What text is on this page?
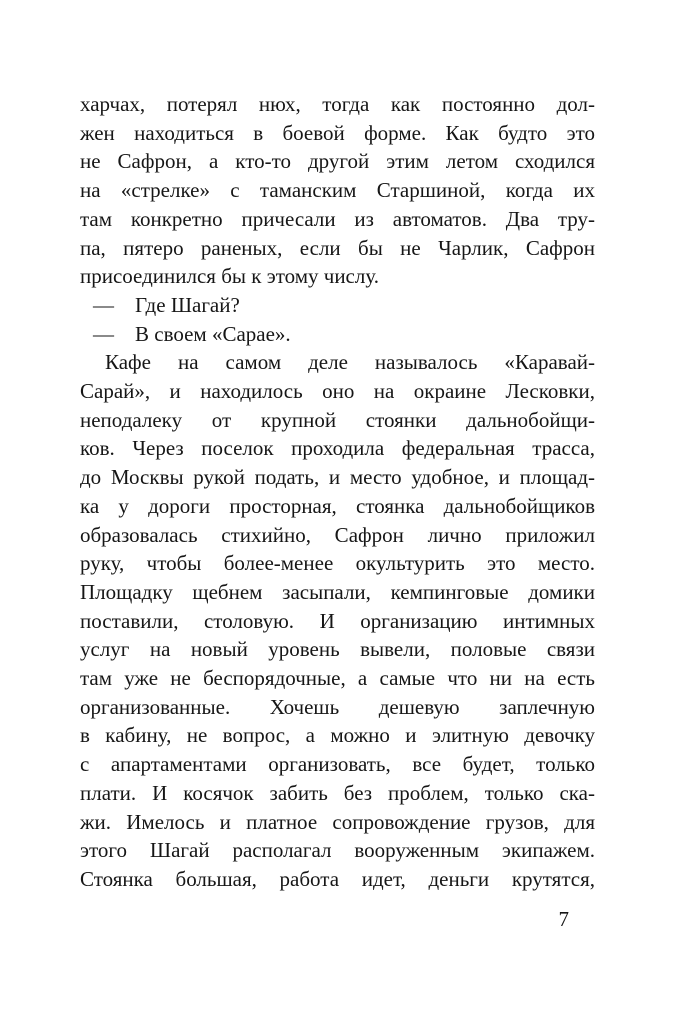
харчах, потерял нюх, тогда как постоянно дол-
жен находиться в боевой форме. Как будто это
не Сафрон, а кто-то другой этим летом сходился
на «стрелке» с таманским Старшиной, когда их
там конкретно причесали из автоматов. Два тру-
па, пятеро раненых, если бы не Чарлик, Сафрон
присоединился бы к этому числу.
— Где Шагай?
— В своем «Сарае».
Кафе на самом деле называлось «Каравай-
Сарай», и находилось оно на окраине Лесковки,
неподалеку от крупной стоянки дальнобойщи-
ков. Через поселок проходила федеральная трасса,
до Москвы рукой подать, и место удобное, и площад-
ка у дороги просторная, стоянка дальнобойщиков
образовалась стихийно, Сафрон лично приложил
руку, чтобы более-менее окультурить это место.
Площадку щебнем засыпали, кемпинговые домики
поставили, столовую. И организацию интимных
услуг на новый уровень вывели, половые связи
там уже не беспорядочные, а самые что ни на есть
организованные. Хочешь дешевую заплечную
в кабину, не вопрос, а можно и элитную девочку
с апартаментами организовать, все будет, только
плати. И косячок забить без проблем, только ска-
жи. Имелось и платное сопровождение грузов, для
этого Шагай располагал вооруженным экипажем.
Стоянка большая, работа идет, деньги крутятся,
7
